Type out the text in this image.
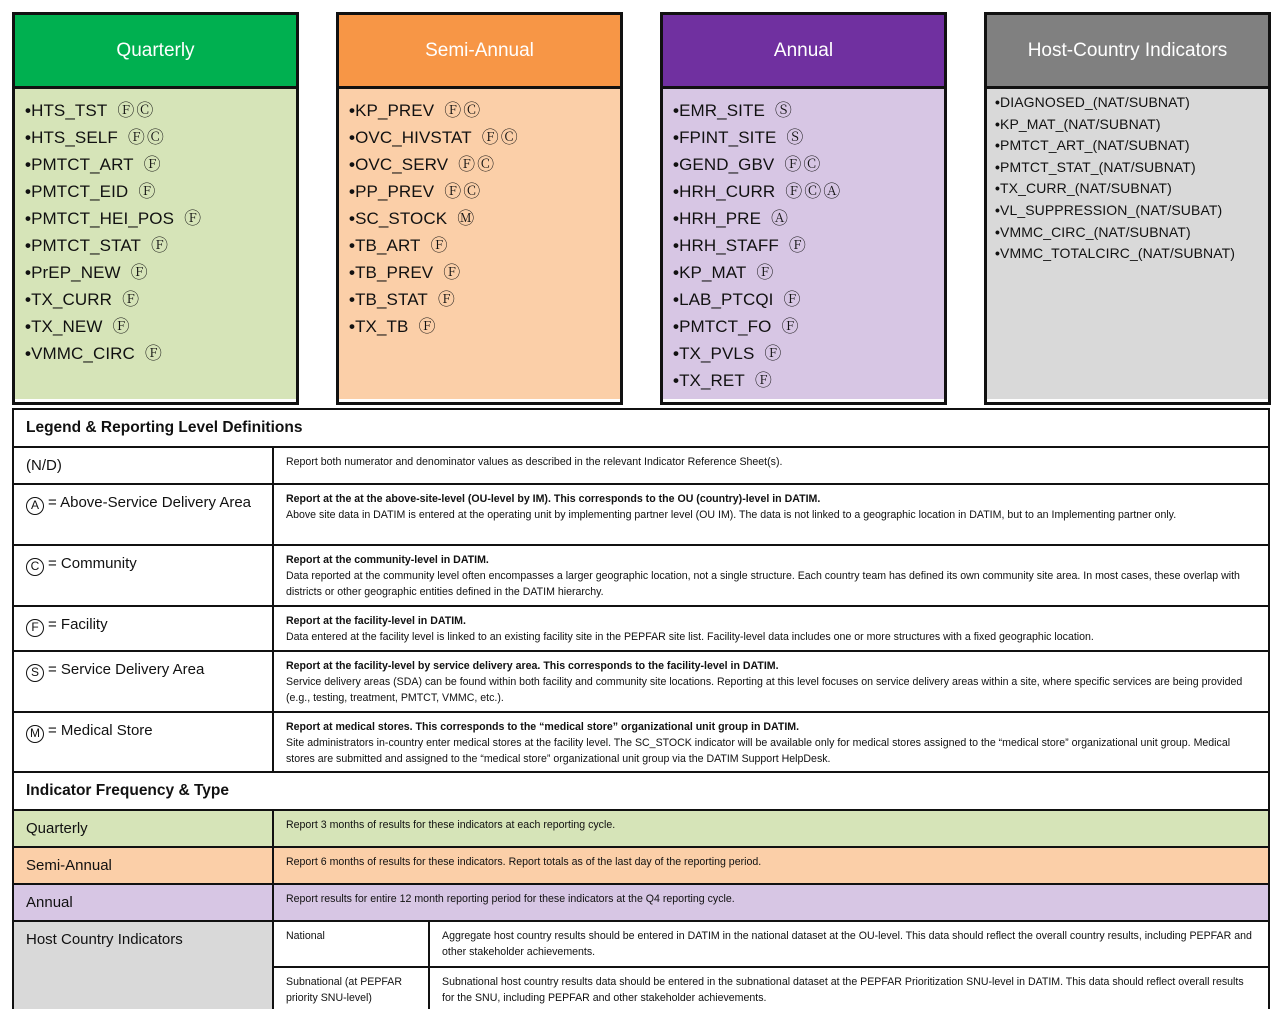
Quarterly
•HTS_TST ⒻⒸ
•HTS_SELF ⒻⒸ
•PMTCT_ART Ⓕ
•PMTCT_EID Ⓕ
•PMTCT_HEI_POS Ⓕ
•PMTCT_STAT Ⓕ
•PrEP_NEW Ⓕ
•TX_CURR Ⓕ
•TX_NEW Ⓕ
•VMMC_CIRC Ⓕ
Semi-Annual
•KP_PREV ⒻⒸ
•OVC_HIVSTAT ⒻⒸ
•OVC_SERV ⒻⒸ
•PP_PREV ⒻⒸ
•SC_STOCK Ⓜ
•TB_ART Ⓕ
•TB_PREV Ⓕ
•TB_STAT Ⓕ
•TX_TB Ⓕ
Annual
•EMR_SITE Ⓢ
•FPINT_SITE Ⓢ
•GEND_GBV ⒻⒸ
•HRH_CURR ⒻⒸⒶ
•HRH_PRE Ⓐ
•HRH_STAFF Ⓕ
•KP_MAT Ⓕ
•LAB_PTCQI Ⓕ
•PMTCT_FO Ⓕ
•TX_PVLS Ⓕ
•TX_RET Ⓕ
Host-Country Indicators
•DIAGNOSED_(NAT/SUBNAT)
•KP_MAT_(NAT/SUBNAT)
•PMTCT_ART_(NAT/SUBNAT)
•PMTCT_STAT_(NAT/SUBNAT)
•TX_CURR_(NAT/SUBNAT)
•VL_SUPPRESSION_(NAT/SUBAT)
•VMMC_CIRC_(NAT/SUBNAT)
•VMMC_TOTALCIRC_(NAT/SUBNAT)
Legend & Reporting Level Definitions		
(N/D)	Report both numerator and denominator values as described in the relevant Indicator Reference Sheet(s).	
A = Above-Service Delivery Area	Report at the at the above-site-level (OU-level by IM). This corresponds to the OU (country)-level in DATIM.
Above site data in DATIM is entered at the operating unit by implementing partner level (OU IM). The data is not linked to a geographic location in DATIM, but to an Implementing partner only.	

C = Community	Report at the community-level in DATIM.
Data reported at the community level often encompasses a larger geographic location, not a single structure. Each country team has defined its own community site area. In most cases, these overlap with districts or other geographic entities defined in the DATIM hierarchy.	

F = Facility	Report at the facility-level in DATIM.
Data entered at the facility level is linked to an existing facility site in the PEPFAR site list. Facility-level data includes one or more structures with a fixed geographic location.	

S = Service Delivery Area	Report at the facility-level by service delivery area. This corresponds to the facility-level in DATIM.
Service delivery areas (SDA) can be found within both facility and community site locations. Reporting at this level focuses on service delivery areas within a site, where specific services are being provided (e.g., testing, treatment, PMTCT, VMMC, etc.).	

M = Medical Store	Report at medical stores. This corresponds to the “medical store” organizational unit group in DATIM.
Site administrators in-country enter medical stores at the facility level. The SC_STOCK indicator will be available only for medical stores assigned to the “medical store” organizational unit group. Medical stores are submitted and assigned to the “medical store” organizational unit group via the DATIM Support HelpDesk.	

Indicator Frequency & Type		
Quarterly	Report 3 months of results for these indicators at each reporting cycle.	
Semi-Annual	Report 6 months of results for these indicators. Report totals as of the last day of the reporting period.	
Annual	Report results for entire 12 month reporting period for these indicators at the Q4 reporting cycle.	
Host Country Indicators	National	Aggregate host country results should be entered in DATIM in the national dataset at the OU-level. This data should reflect the overall country results, including PEPFAR and other stakeholder achievements.
	Subnational (at PEPFAR priority SNU-level)	Subnational host country results data should be entered in the subnational dataset at the PEPFAR Prioritization SNU-level in DATIM. This data should reflect overall results for the SNU, including PEPFAR and other stakeholder achievements.
